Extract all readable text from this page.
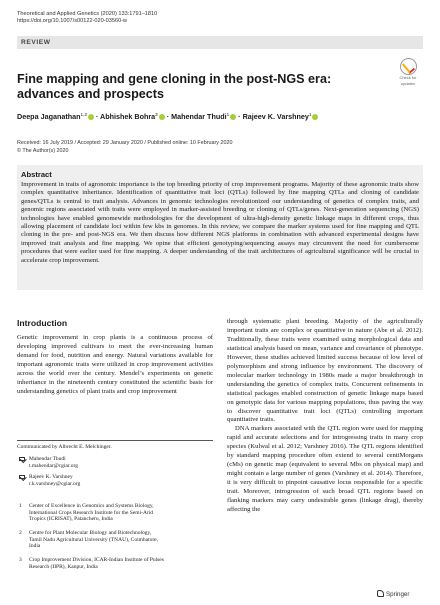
Theoretical and Applied Genetics (2020) 133:1791–1810
https://doi.org/10.1007/s00122-020-03560-w
REVIEW
Check for
updates
Fine mapping and gene cloning in the post-NGS era: advances and prospects
Deepa Jaganathan$^{1,2}$ · Abhishek Bohra$^3$ · Mahendar Thudi$^1$ · Rajeev K. Varshney$^1$
Received: 16 July 2019 / Accepted: 29 January 2020 / Published online: 10 February 2020
© The Author(s) 2020
Abstract

Improvement in traits of agronomic importance is the top breeding priority of crop improvement programs. Majority of these agronomic traits show complex quantitative inheritance. Identification of quantitative trait loci (QTLs) followed by fine mapping QTLs and cloning of candidate genes/QTLs is central to trait analysis. Advances in genomic technologies revolutionized our understanding of genetics of complex traits, and genomic regions associated with traits were employed in marker-assisted breeding or cloning of QTLs/genes. Next-generation sequencing (NGS) technologies have enabled genomewide methodologies for the development of ultra-high-density genetic linkage maps in different crops, thus allowing placement of candidate loci within few kbs in genomes. In this review, we compare the marker systems used for fine mapping and QTL cloning in the pre- and post-NGS era. We then discuss how different NGS platforms in combination with advanced experimental designs have improved trait analysis and fine mapping. We opine that efficient genotyping/sequencing assays may circumvent the need for cumbersome procedures that were earlier used for fine mapping. A deeper understanding of the trait architectures of agricultural significance will be crucial to accelerate crop improvement.

Introduction

Genetic improvement in crop plants is a continuous process of developing improved cultivars to meet the ever-increasing human demand for food, nutrition and energy. Natural variations available for important agronomic traits were utilized in crop improvement activities across the world over the century. Mendel’s experiments on genetic inheritance in the nineteenth century constituted the scientific basis for understanding genetics of plant traits and crop improvement

Communicated by Albrecht E. Melchinger.
Mahendar Thudi
t.mahendar@cgiar.org
Rajeev K. Varshney
r.k.varshney@cgiar.org
1 Center of Excellence in Genomics and Systems Biology,
International Crops Research Institute for the Semi-Arid
Tropics (ICRISAT), Patancheru, India
2 Centre for Plant Molecular Biology and Biotechnology,
Tamil Nadu Agricultural University (TNAU), Coimbatore,
India
3 Crop Improvement Division, ICAR-Indian Institute of Pulses
Research (IIPR), Kanpur, India

through systematic plant breeding. Majority of the agriculturally important traits are complex or quantitative in nature (Abe et al. 2012). Traditionally, these traits were examined using morphological data and statistical analysis based on mean, variance and covariance of phenotype. However, these studies achieved limited success because of low level of polymorphism and strong influence by environment. The discovery of molecular marker technology in 1980s made a major breakthrough in understanding the genetics of complex traits. Concurrent refinements in statistical packages enabled construction of genetic linkage maps based on genotypic data for various mapping populations, thus paving the way to discover quantitative trait loci (QTLs) controlling important quantitative traits.

DNA markers associated with the QTL region were used for mapping rapid and accurate selections and for introgressing traits in many crop species (Kulwal et al. 2012; Varshney 2016). The QTL regions identified by standard mapping procedure often extend to several centiMorgans (cMs) on genetic map (equivalent to several Mbs on physical map) and might contain a large number of genes (Varshney et al. 2014). Therefore, it is very difficult to pinpoint causative locus responsible for a specific trait. Moreover, introgression of such broad QTL regions based on flanking markers may carry undesirable genes (linkage drag), thereby affecting the

Springer
